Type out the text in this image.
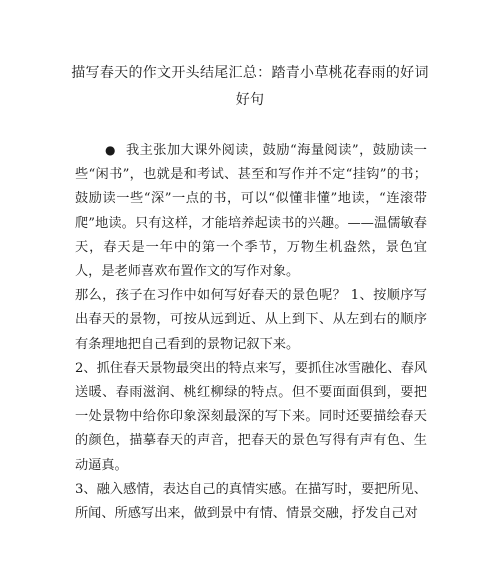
描写春天的作文开头结尾汇总：踏青小草桃花春雨的好词好句

● 我主张加大课外阅读，鼓励“海量阅读”，鼓励读一些“闲书”，也就是和考试、甚至和写作并不定“挂钩”的书；鼓励读一些“深”一点的书，可以“似懂非懂”地读，“连滚带爬”地读。只有这样，才能培养起读书的兴趣。——温儒敏春天，春天是一年中的第一个季节，万物生机盎然，景色宜人，是老师喜欢布置作文的写作对象。

那么，孩子在习作中如何写好春天的景色呢？ 1、按顺序写出春天的景物，可按从远到近、从上到下、从左到右的顺序有条理地把自己看到的景物记叙下来。

2、抓住春天景物最突出的特点来写，要抓住冰雪融化、春风送暖、春雨滋润、桃红柳绿的特点。但不要面面俱到，要把一处景物中给你印象深刻最深的写下来。同时还要描绘春天的颜色，描摹春天的声音，把春天的景色写得有声有色、生动逼真。

3、融入感情，表达自己的真情实感。在描写时，要把所见、所闻、所感写出来，做到景中有情、情景交融，抒发自己对
